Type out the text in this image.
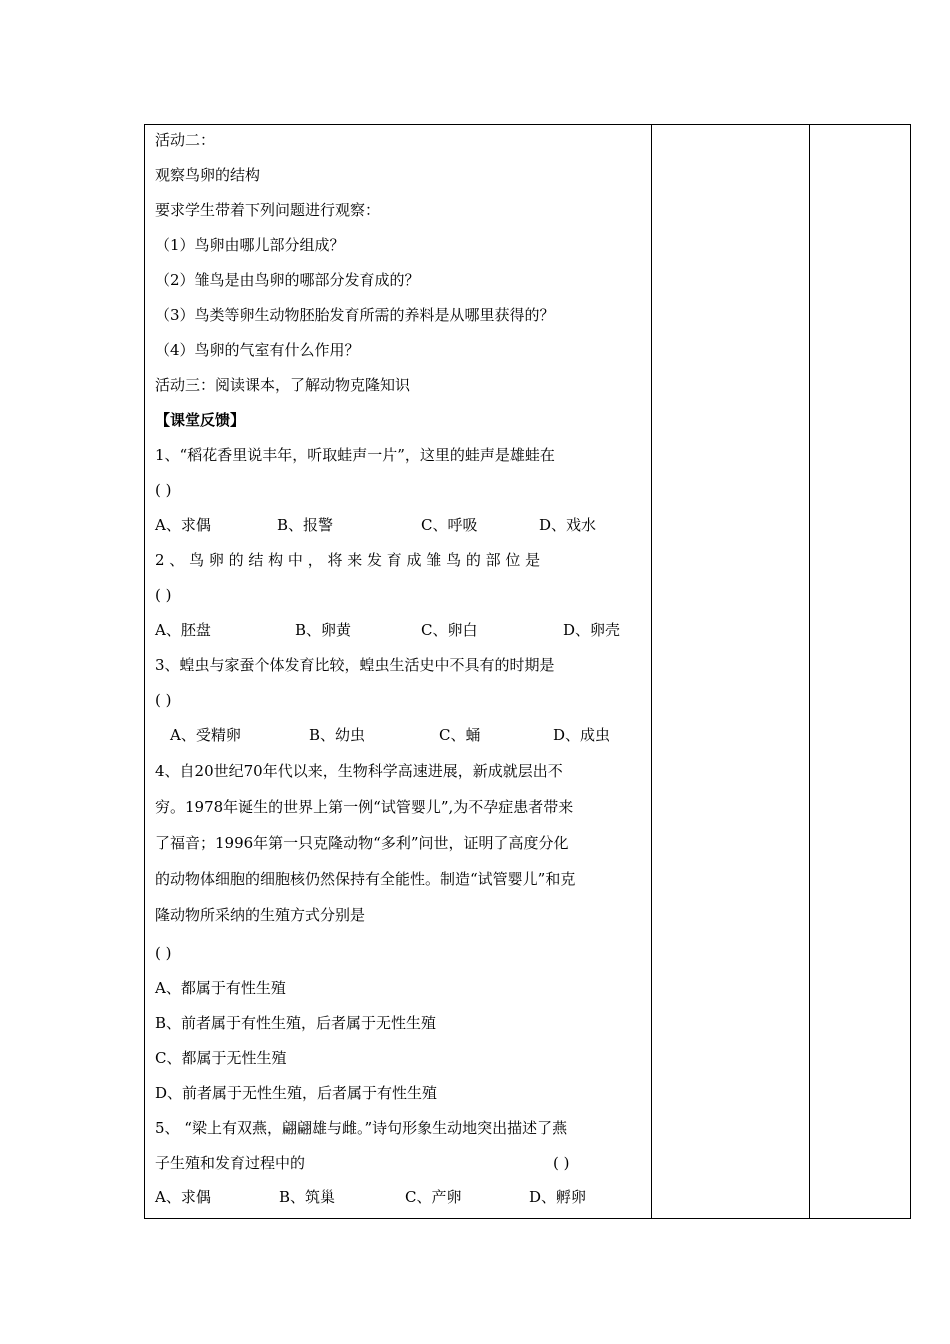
活动二：
观察鸟卵的结构
要求学生带着下列问题进行观察：
（1）鸟卵由哪儿部分组成？
（2）雏鸟是由鸟卵的哪部分发育成的？
（3）鸟类等卵生动物胚胎发育所需的养料是从哪里获得的？
（4）鸟卵的气室有什么作用？
活动三：阅读课本，了解动物克隆知识
【课堂反馈】
1、“稻花香里说丰年，听取蛙声一片”，这里的蛙声是雄蛙在
( )
A、求偶	B、报警	C、呼吸	D、戏水
2 、 鸟 卵 的 结 构 中 ， 将 来 发 育 成 雏 鸟 的 部 位 是
( )
A、胚盘	B、卵黄	C、卵白	D、卵壳
3、蝗虫与家蚕个体发育比较，蝗虫生活史中不具有的时期是
( )
A、受精卵	B、幼虫	C、蛹	D、成虫
4、自20世纪70年代以来，生物科学高速进展，新成就层出不
穷。1978年诞生的世界上第一例“试管婴儿”,为不孕症患者带来
了福音；1996年第一只克隆动物“多利”问世，证明了高度分化
的动物体细胞的细胞核仍然保持有全能性。制造“试管婴儿”和克
隆动物所采纳的生殖方式分别是
( )
A、都属于有性生殖
B、前者属于有性生殖，后者属于无性生殖
C、都属于无性生殖
D、前者属于无性生殖，后者属于有性生殖
5、 “梁上有双燕，翩翩雄与雌。”诗句形象生动地突出描述了燕
子生殖和发育过程中的	( )
A、求偶	B、筑巢	C、产卵	D、孵卵
